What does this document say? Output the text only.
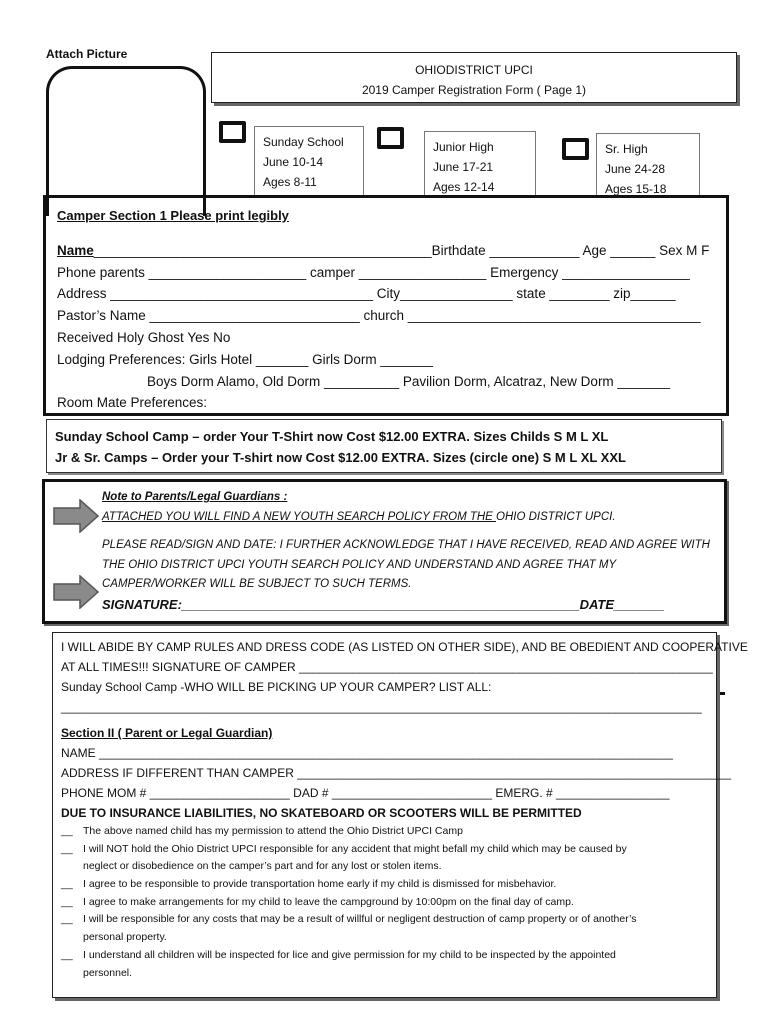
Attach Picture
OHIODISTRICT UPCI
2019 Camper Registration Form ( Page 1)
Sunday School
June 10-14
Ages 8-11
Junior High
June 17-21
Ages 12-14
Sr. High
June 24-28
Ages 15-18
Camper Section 1 Please print legibly
Name_____________________________________________Birthdate ____________ Age ______ Sex M F
Phone parents _____________________ camper _________________ Emergency _________________
Address ___________________________________ City_______________ state ________ zip______
Pastor’s Name ____________________________ church _______________________________________
Received Holy Ghost Yes No
Lodging Preferences: Girls Hotel _______ Girls Dorm _______
Boys Dorm Alamo, Old Dorm __________ Pavilion Dorm, Alcatraz, New Dorm _______
Room Mate Preferences:
Sunday School Camp – order Your T-Shirt now Cost $12.00 EXTRA. Sizes Childs S M L XL
Jr & Sr. Camps – Order your T-shirt now Cost $12.00 EXTRA. Sizes (circle one) S M L XL XXL
Note to Parents/Legal Guardians :
ATTACHED YOU WILL FIND A NEW YOUTH SEARCH POLICY FROM THE OHIO DISTRICT UPCI.
PLEASE READ/SIGN AND DATE: I FURTHER ACKNOWLEDGE THAT I HAVE RECEIVED, READ AND AGREE WITH
THE OHIO DISTRICT UPCI YOUTH SEARCH POLICY AND UNDERSTAND AND AGREE THAT MY
CAMPER/WORKER WILL BE SUBJECT TO SUCH TERMS.
SIGNATURE:_______________________________________________________DATE_______
I WILL ABIDE BY CAMP RULES AND DRESS CODE (AS LISTED ON OTHER SIDE), AND BE OBEDIENT AND COOPERATIVE
AT ALL TIMES!!! SIGNATURE OF CAMPER ______________________________________________________________
Sunday School Camp -WHO WILL BE PICKING UP YOUR CAMPER? LIST ALL:
________________________________________________________________________________________________
Section II ( Parent or Legal Guardian)
NAME ______________________________________________________________________________________
ADDRESS IF DIFFERENT THAN CAMPER _________________________________________________________________
PHONE MOM # _____________________ DAD # ________________________ EMERG. # _________________
DUE TO INSURANCE LIABILITIES, NO SKATEBOARD OR SCOOTERS WILL BE PERMITTED
__ The above named child has my permission to attend the Ohio District UPCI Camp
__ I will NOT hold the Ohio District UPCI responsible for any accident that might befall my child which may be caused by
neglect or disobedience on the camper’s part and for any lost or stolen items.
__ I agree to be responsible to provide transportation home early if my child is dismissed for misbehavior.
__ I agree to make arrangements for my child to leave the campground by 10:00pm on the final day of camp.
__ I will be responsible for any costs that may be a result of willful or negligent destruction of camp property or of another’s
personal property.
__ I understand all children will be inspected for lice and give permission for my child to be inspected by the appointed
personnel.
